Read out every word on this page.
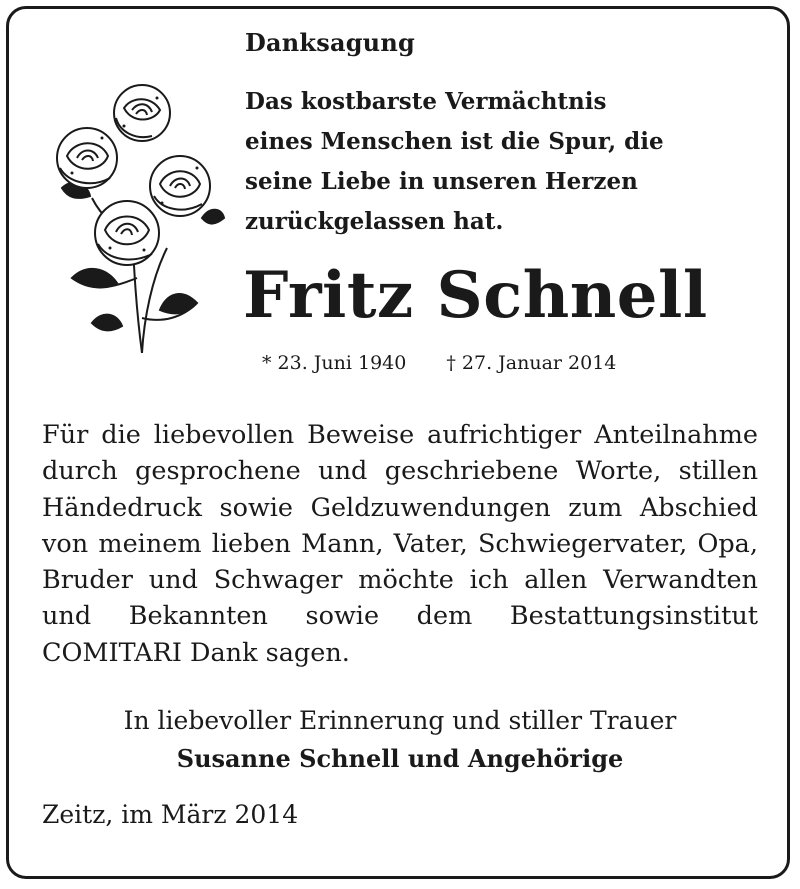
Danksagung
Das kostbarste Vermächtnis
eines Menschen ist die Spur, die
seine Liebe in unseren Herzen
zurückgelassen hat.
Fritz Schnell
* 23. Juni 1940 † 27. Januar 2014
Für die liebevollen Beweise aufrichtiger Anteilnahme durch gesprochene und geschriebene Worte, stillen Händedruck sowie Geldzuwendungen zum Abschied von meinem lieben Mann, Vater, Schwiegervater, Opa, Bruder und Schwager möchte ich allen Verwandten und Bekannten sowie dem Bestattungsinstitut COMITARI Dank sagen.
In liebevoller Erinnerung und stiller Trauer
Susanne Schnell und Angehörige
Zeitz, im März 2014
